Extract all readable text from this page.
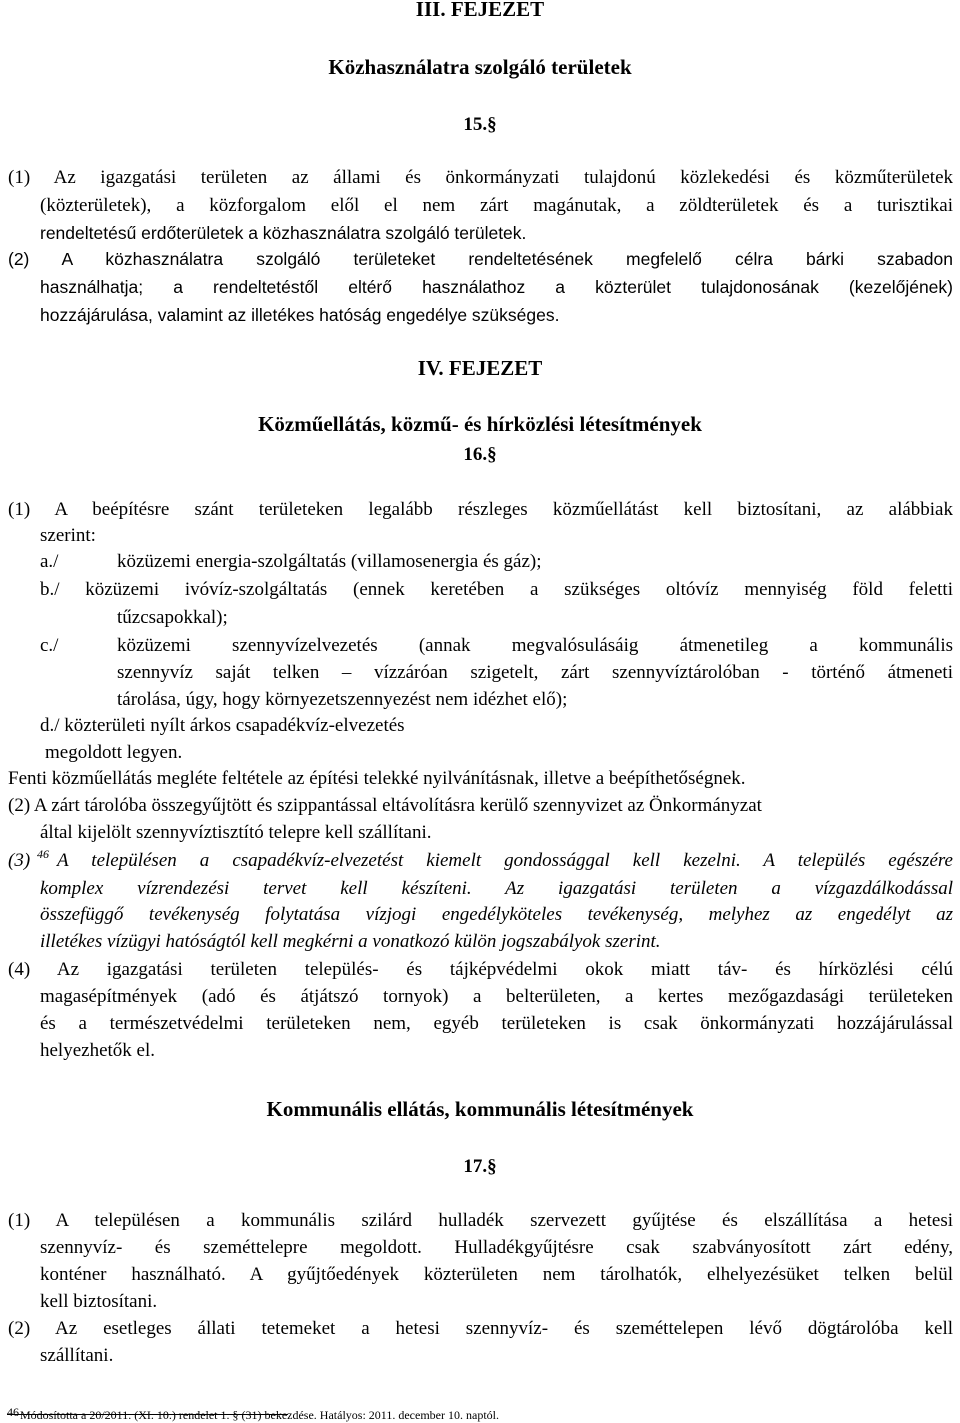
III. FEJEZET
Közhasználatra szolgáló területek
15.§
(1) Az igazgatási területen az állami és önkormányzati tulajdonú közlekedési és közműterületek
(közterületek), a közforgalom elől el nem zárt magánutak, a zöldterületek és a turisztikai
rendeltetésű erdőterületek a közhasználatra szolgáló területek.
(2) A közhasználatra szolgáló területeket rendeltetésének megfelelő célra bárki szabadon
használhatja; a rendeltetéstől eltérő használathoz a közterület tulajdonosának (kezelőjének)
hozzájárulása, valamint az illetékes hatóság engedélye szükséges.
IV. FEJEZET
Közműellátás, közmű- és hírközlési létesítmények
16.§
(1) A beépítésre szánt területeken legalább részleges közműellátást kell biztosítani, az alábbiak
szerint:
a./	közüzemi energia-szolgáltatás (villamosenergia és gáz);
b./ közüzemi ivóvíz-szolgáltatás (ennek keretében a szükséges oltóvíz mennyiség föld feletti
tűzcsapokkal);
c./	közüzemi szennyvízelvezetés (annak megvalósulásáig átmenetileg a kommunális
szennyvíz saját telken – vízzáróan szigetelt, zárt szennyvíztárolóban - történő átmeneti
tárolása, úgy, hogy környezetszennyezést nem idézhet elő);
d./ közterületi nyílt árkos csapadékvíz-elvezetés
megoldott legyen.
Fenti közműellátás megléte feltétele az építési telekké nyilvánításnak, illetve a beépíthetőségnek.
(2) A zárt tárolóba összegyűjtött és szippantással eltávolításra kerülő szennyvizet az Önkormányzat
által kijelölt szennyvíztisztító telepre kell szállítani.
(3) $^{46}$ A településen a csapadékvíz-elvezetést kiemelt gondossággal kell kezelni. A település egészére
komplex vízrendezési tervet kell készíteni. Az igazgatási területen a vízgazdálkodással
összefüggő tevékenység folytatása vízjogi engedélyköteles tevékenység, melyhez az engedélyt az
illetékes vízügyi hatóságtól kell megkérni a vonatkozó külön jogszabályok szerint.
(4) Az igazgatási területen település- és tájképvédelmi okok miatt táv- és hírközlési célú
magasépítmények (adó és átjátszó tornyok) a belterületen, a kertes mezőgazdasági területeken
és a természetvédelmi területeken nem, egyéb területeken is csak önkormányzati hozzájárulással
helyezhetők el.
Kommunális ellátás, kommunális létesítmények
17.§
(1) A településen a kommunális szilárd hulladék szervezett gyűjtése és elszállítása a hetesi
szennyvíz- és szeméttelepre megoldott. Hulladékgyűjtésre csak szabványosított zárt edény,
konténer használható. A gyűjtőedények közterületen nem tárolhatók, elhelyezésüket telken belül
kell biztosítani.
(2) Az esetleges állati tetemeket a hetesi szennyvíz- és szeméttelepen lévő dögtárolóba kell
szállítani.
46 Módosította a 20/2011. (XI. 10.) rendelet 1. § (31) bekezdése. Hatályos: 2011. december 10. naptól.
